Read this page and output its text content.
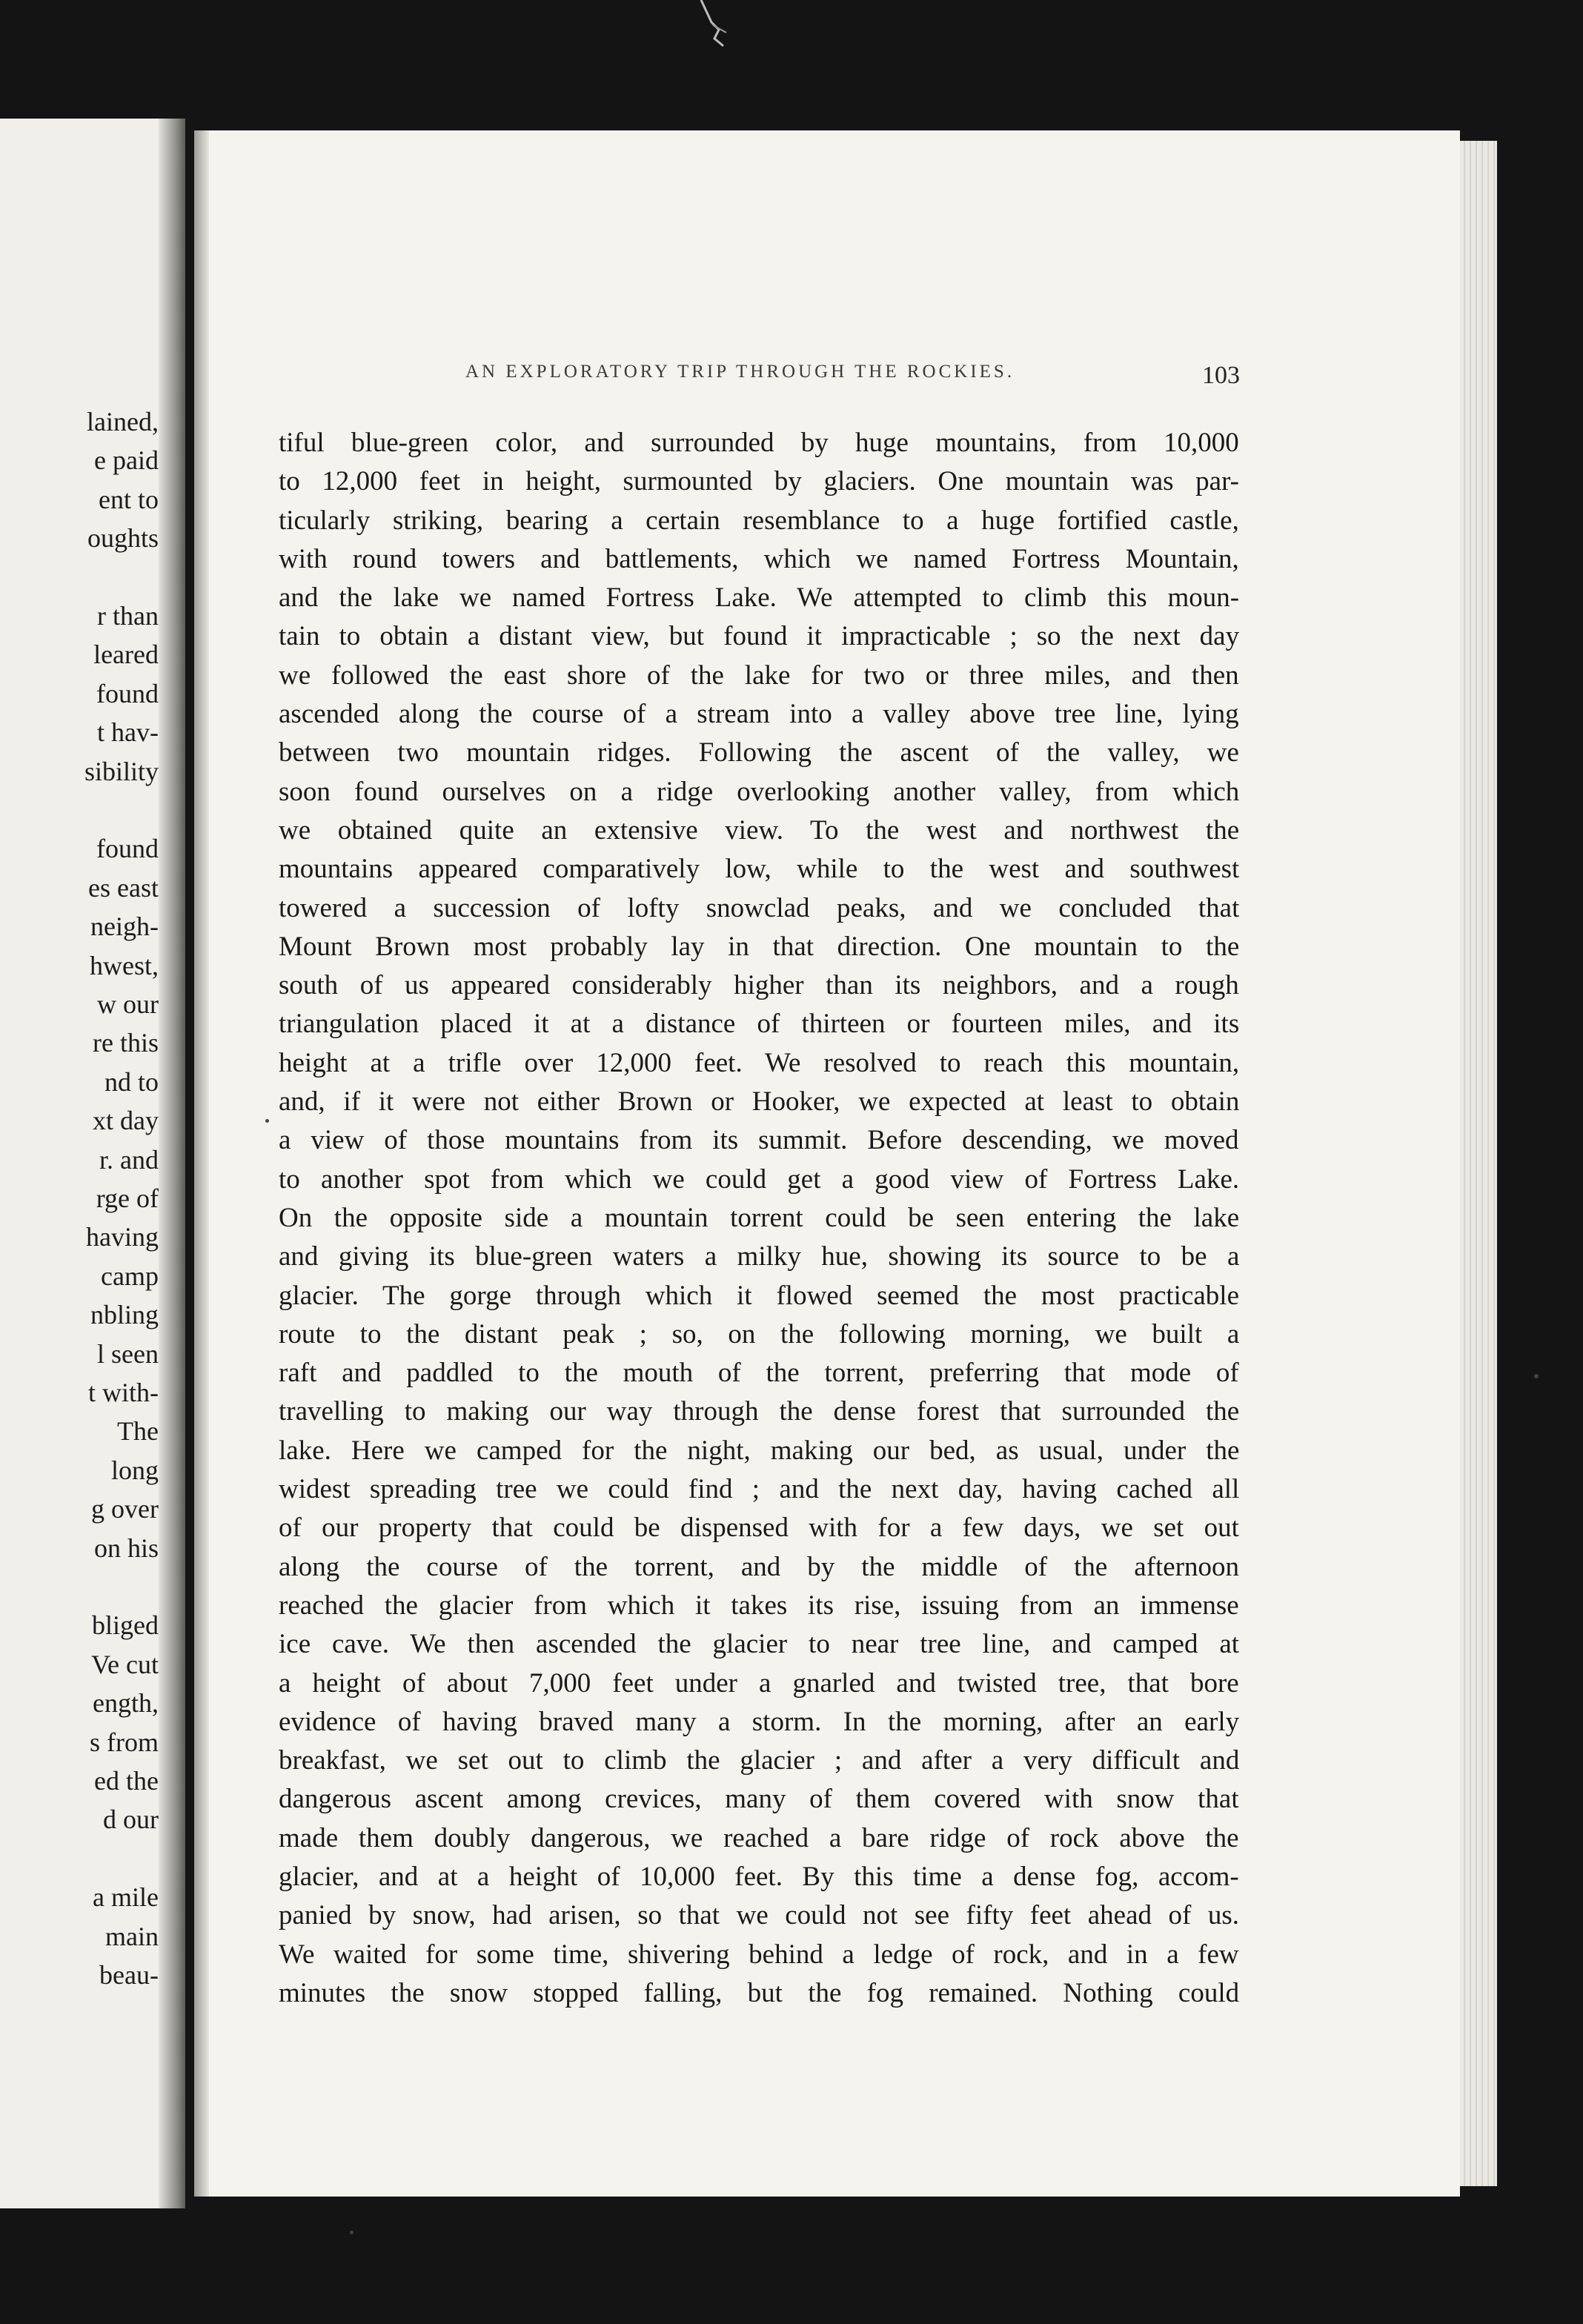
lained,
e paid
ent to
oughts
r than
leared
found
t hav-
sibility
found
es east
neigh-
hwest,
w our
re this
nd to
xt day
r. and
rge of
having
camp
nbling
l seen
t with-
The
long
g over
on his
bliged
Ve cut
ength,
s from
ed the
d our
a mile
main
beau-
AN EXPLORATORY TRIP THROUGH THE ROCKIES.	103
tiful blue-green color, and surrounded by huge mountains, from 10,000
to 12,000 feet in height, surmounted by glaciers. One mountain was par-
ticularly striking, bearing a certain resemblance to a huge fortified castle,
with round towers and battlements, which we named Fortress Mountain,
and the lake we named Fortress Lake. We attempted to climb this moun-
tain to obtain a distant view, but found it impracticable ; so the next day
we followed the east shore of the lake for two or three miles, and then
ascended along the course of a stream into a valley above tree line, lying
between two mountain ridges. Following the ascent of the valley, we
soon found ourselves on a ridge overlooking another valley, from which
we obtained quite an extensive view. To the west and northwest the
mountains appeared comparatively low, while to the west and southwest
towered a succession of lofty snowclad peaks, and we concluded that
Mount Brown most probably lay in that direction. One mountain to the
south of us appeared considerably higher than its neighbors, and a rough
triangulation placed it at a distance of thirteen or fourteen miles, and its
height at a trifle over 12,000 feet. We resolved to reach this mountain,
and, if it were not either Brown or Hooker, we expected at least to obtain
a view of those mountains from its summit. Before descending, we moved
to another spot from which we could get a good view of Fortress Lake.
On the opposite side a mountain torrent could be seen entering the lake
and giving its blue-green waters a milky hue, showing its source to be a
glacier. The gorge through which it flowed seemed the most practicable
route to the distant peak ; so, on the following morning, we built a
raft and paddled to the mouth of the torrent, preferring that mode of
travelling to making our way through the dense forest that surrounded the
lake. Here we camped for the night, making our bed, as usual, under the
widest spreading tree we could find ; and the next day, having cached all
of our property that could be dispensed with for a few days, we set out
along the course of the torrent, and by the middle of the afternoon
reached the glacier from which it takes its rise, issuing from an immense
ice cave. We then ascended the glacier to near tree line, and camped at
a height of about 7,000 feet under a gnarled and twisted tree, that bore
evidence of having braved many a storm. In the morning, after an early
breakfast, we set out to climb the glacier ; and after a very difficult and
dangerous ascent among crevices, many of them covered with snow that
made them doubly dangerous, we reached a bare ridge of rock above the
glacier, and at a height of 10,000 feet. By this time a dense fog, accom-
panied by snow, had arisen, so that we could not see fifty feet ahead of us.
We waited for some time, shivering behind a ledge of rock, and in a few
minutes the snow stopped falling, but the fog remained. Nothing could
